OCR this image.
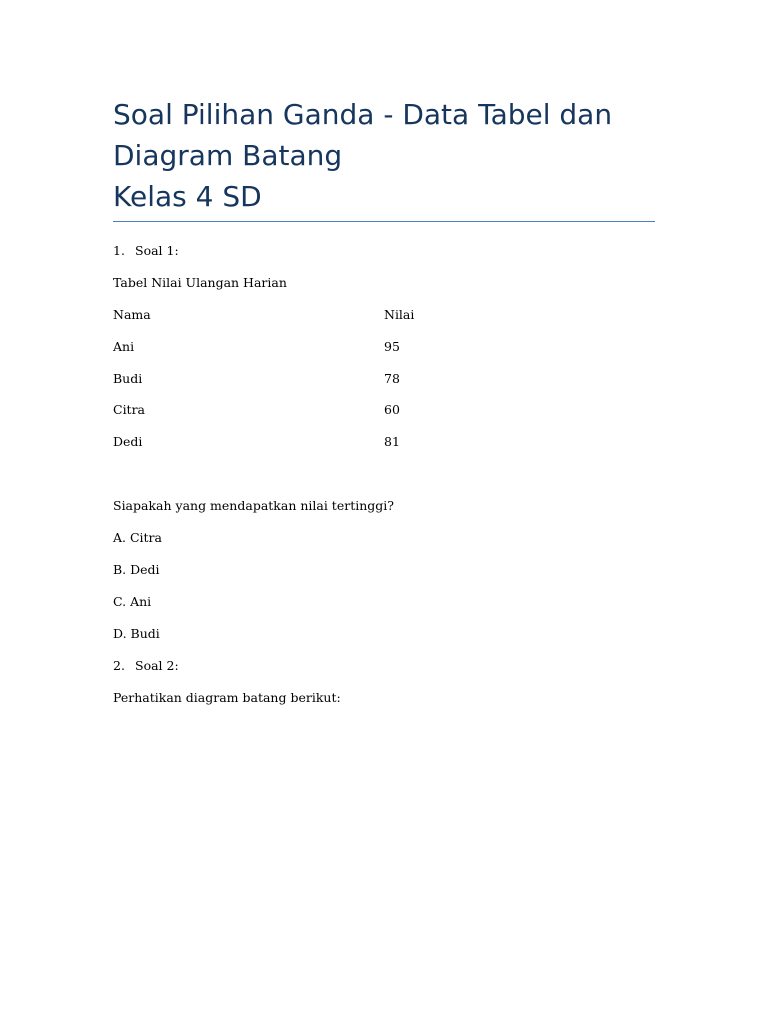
Soal Pilihan Ganda - Data Tabel dan
Diagram Batang
Kelas 4 SD
1. Soal 1:
Tabel Nilai Ulangan Harian
Nama	Nilai
Ani	95
Budi	78
Citra	60
Dedi	81
Siapakah yang mendapatkan nilai tertinggi?
A. Citra
B. Dedi
C. Ani
D. Budi
2. Soal 2:
Perhatikan diagram batang berikut:
